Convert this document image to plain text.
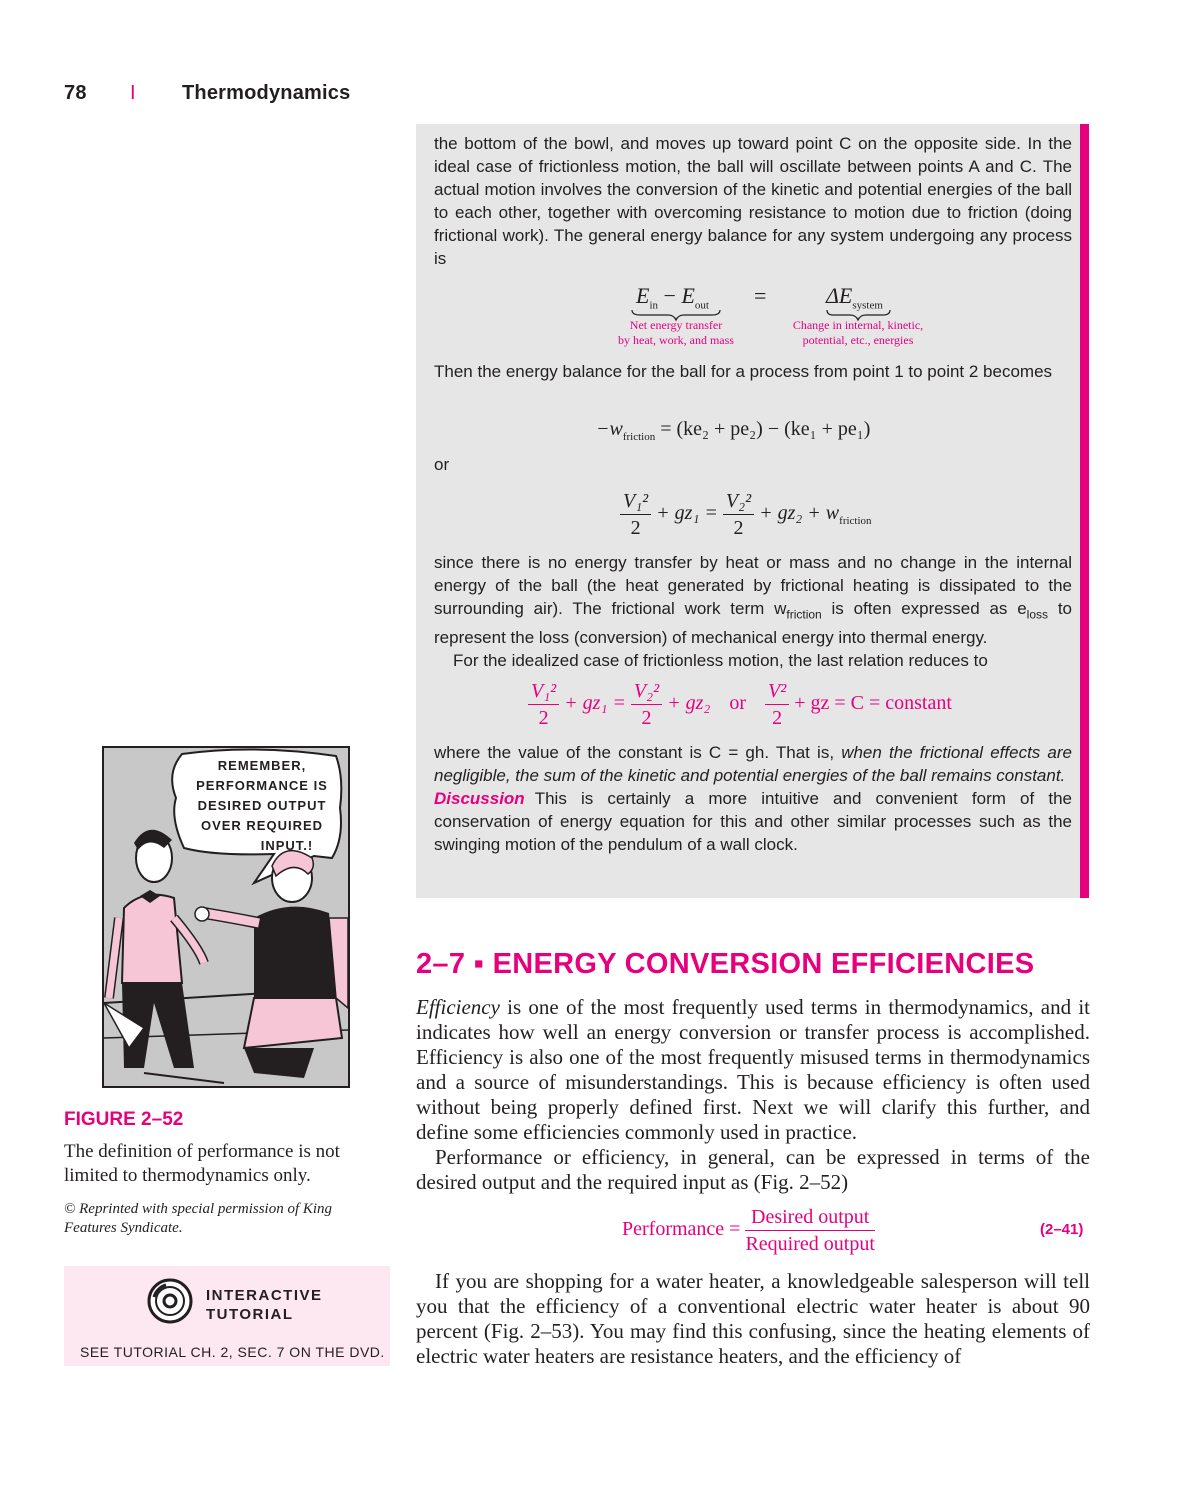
78 I Thermodynamics

the bottom of the bowl, and moves up toward point C on the opposite side. In the ideal case of frictionless motion, the ball will oscillate between points A and C. The actual motion involves the conversion of the kinetic and potential energies of the ball to each other, together with overcoming resistance to motion due to friction (doing frictional work). The general energy balance for any system undergoing any process is

$E_{in} - E_{out}$ =	$\Delta E_{system}$
Net energy transfer
by heat, work, and mass
Change in internal, kinetic,
potential, etc., energies

Then the energy balance for the ball for a process from point 1 to point 2 becomes

$-w_{friction} = (ke_2 + pe_2) - (ke_1 + pe_1)$
or
$\frac{\text{V₁²}}{2} + gz_1 = \frac{\text{V₂²}}{2} + gz_2 + w_{friction}$

since there is no energy transfer by heat or mass and no change in the internal energy of the ball (the heat generated by frictional heating is dissipated to the surrounding air). The frictional work term $w_{friction}$ is often expressed as $e_{loss}$ to represent the loss (conversion) of mechanical energy into thermal energy.

For the idealized case of frictionless motion, the last relation reduces to

$\frac{\text{V₁²}}{2} + gz_1 = \frac{\text{V₂²}}{2} + gz_2$ or $\frac{\text{V²}}{2}$ + gz = C = constant

where the value of the constant is C = gh. That is, when the frictional effects are negligible, the sum of the kinetic and potential energies of the ball remains constant.

Discussion This is certainly a more intuitive and convenient form of the conservation of energy equation for this and other similar processes such as the swinging motion of the pendulum of a wall clock.

REMEMBER,
PERFORMANCE IS
DESIRED OUTPUT
OVER REQUIRED
INPUT.!
FIGURE 2–52
The definition of performance is not limited to thermodynamics only.
© Reprinted with special permission of King Features Syndicate.
INTERACTIVE
TUTORIAL
SEE TUTORIAL CH. 2, SEC. 7 ON THE DVD.
2–7 ▪ ENERGY CONVERSION EFFICIENCIES

Efficiency is one of the most frequently used terms in thermodynamics, and it indicates how well an energy conversion or transfer process is accomplished. Efficiency is also one of the most frequently misused terms in thermodynamics and a source of misunderstandings. This is because efficiency is often used without being properly defined first. Next we will clarify this further, and define some efficiencies commonly used in practice.

Performance or efficiency, in general, can be expressed in terms of the desired output and the required input as (Fig. 2–52)

Performance = $\frac{\text{Desired output}}{\text{Required output}}$	(2–41)

If you are shopping for a water heater, a knowledgeable salesperson will tell you that the efficiency of a conventional electric water heater is about 90 percent (Fig. 2–53). You may find this confusing, since the heating elements of electric water heaters are resistance heaters, and the efficiency of
